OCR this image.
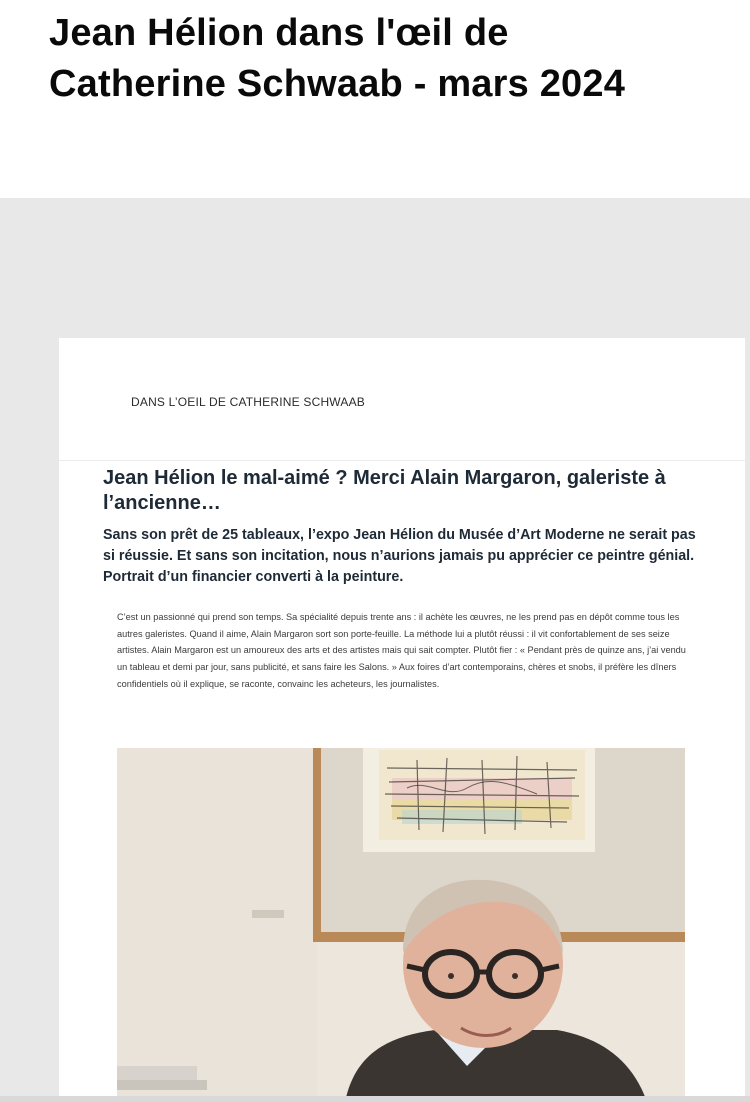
Jean Hélion dans l'œil de Catherine Schwaab - mars 2024
DANS L’OEIL DE CATHERINE SCHWAAB
Jean Hélion le mal-aimé ? Merci Alain Margaron, galeriste à l’ancienne…

Sans son prêt de 25 tableaux, l’expo Jean Hélion du Musée d’Art Moderne ne serait pas si réussie. Et sans son incitation, nous n’aurions jamais pu apprécier ce peintre génial. Portrait d’un financier converti à la peinture.

C’est un passionné qui prend son temps. Sa spécialité depuis trente ans : il achète les œuvres, ne les prend pas en dépôt comme tous les autres galeristes. Quand il aime, Alain Margaron sort son porte-feuille. La méthode lui a plutôt réussi : il vit confortablement de ses seize artistes. Alain Margaron est un amoureux des arts et des artistes mais qui sait compter. Plutôt fier : « Pendant près de quinze ans, j’ai vendu un tableau et demi par jour, sans publicité, et sans faire les Salons. » Aux foires d’art contemporains, chères et snobs, il préfère les dîners confidentiels où il explique, se raconte, convainc les acheteurs, les journalistes.
